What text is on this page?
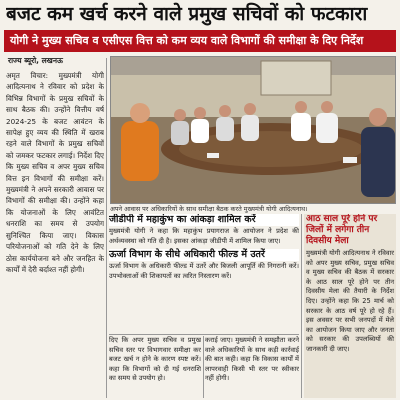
बजट कम खर्च करने वाले प्रमुख सचिवों को फटकारा
योगी ने मुख्य सचिव व एसीएस वित्त को कम व्यय वाले विभागों की समीक्षा के दिए निर्देश
राज्य ब्यूरो, लखनऊ
अमृत विचार: मुख्यमंत्री योगी आदित्यनाथ ने रविवार को प्रदेश के विभिन्न विभागों के प्रमुख सचिवों के साथ बैठक की। उन्होंने वित्तीय वर्ष 2024-25 के बजट आवंटन के सापेक्ष हुए व्यय की स्थिति में खराब रहने वाले विभागों के प्रमुख सचिवों को जमकर फटकार लगाई। निर्देश दिए कि मुख्य सचिव व अपर मुख्य सचिव वित्त इन विभागों की समीक्षा करें। मुख्यमंत्री ने अपने सरकारी आवास पर विभागों की समीक्षा की। उन्होंने कहा कि योजनाओं के लिए आवंटित धनराशि का समय से उपयोग सुनिश्चित किया जाए। विकास परियोजनाओं को गति देने के लिए ठोस कार्ययोजना बने और जनहित के कार्यों में देरी बर्दाश्त नहीं होगी।
अपने आवास पर अधिकारियों के साथ समीक्षा बैठक करते मुख्यमंत्री योगी आदित्यनाथ।
जीडीपी में महाकुंभ का आंकड़ा शामिल करें

मुख्यमंत्री योगी ने कहा कि महाकुंभ प्रयागराज के आयोजन ने प्रदेश की अर्थव्यवस्था को गति दी है। इसका आंकड़ा जीडीपी में शामिल किया जाए।

ऊर्जा विभाग के सीधे अधिकारी फील्ड में उतरें

ऊर्जा विभाग के अधिकारी फील्ड में उतरें और बिजली आपूर्ति की निगरानी करें। उपभोक्ताओं की शिकायतों का त्वरित निस्तारण करें।

आठ साल पूरे होने पर जिलों में लगेगा तीन दिवसीय मेला

मुख्यमंत्री योगी आदित्यनाथ ने रविवार को अपर मुख्य सचिव, प्रमुख सचिव व मुख्य सचिव की बैठक में सरकार के आठ साल पूरे होने पर तीन दिवसीय मेला की तैयारी के निर्देश दिए। उन्होंने कहा कि 25 मार्च को सरकार के आठ वर्ष पूरे हो रहे हैं। इस अवसर पर सभी जनपदों में मेले का आयोजन किया जाए और जनता को सरकार की उपलब्धियों की जानकारी दी जाए।

दिए कि अपर मुख्य सचिव व प्रमुख सचिव स्तर पर विभागवार समीक्षा कर बजट खर्च न होने के कारण स्पष्ट करें। कहा कि विभागों को दी गई धनराशि का समय से उपयोग हो।
कराई जाए। मुख्यमंत्री ने समझौता करने वाले अधिकारियों के साथ कड़ी कार्रवाई की बात कही। कहा कि विकास कार्यों में लापरवाही किसी भी स्तर पर स्वीकार नहीं होगी।
